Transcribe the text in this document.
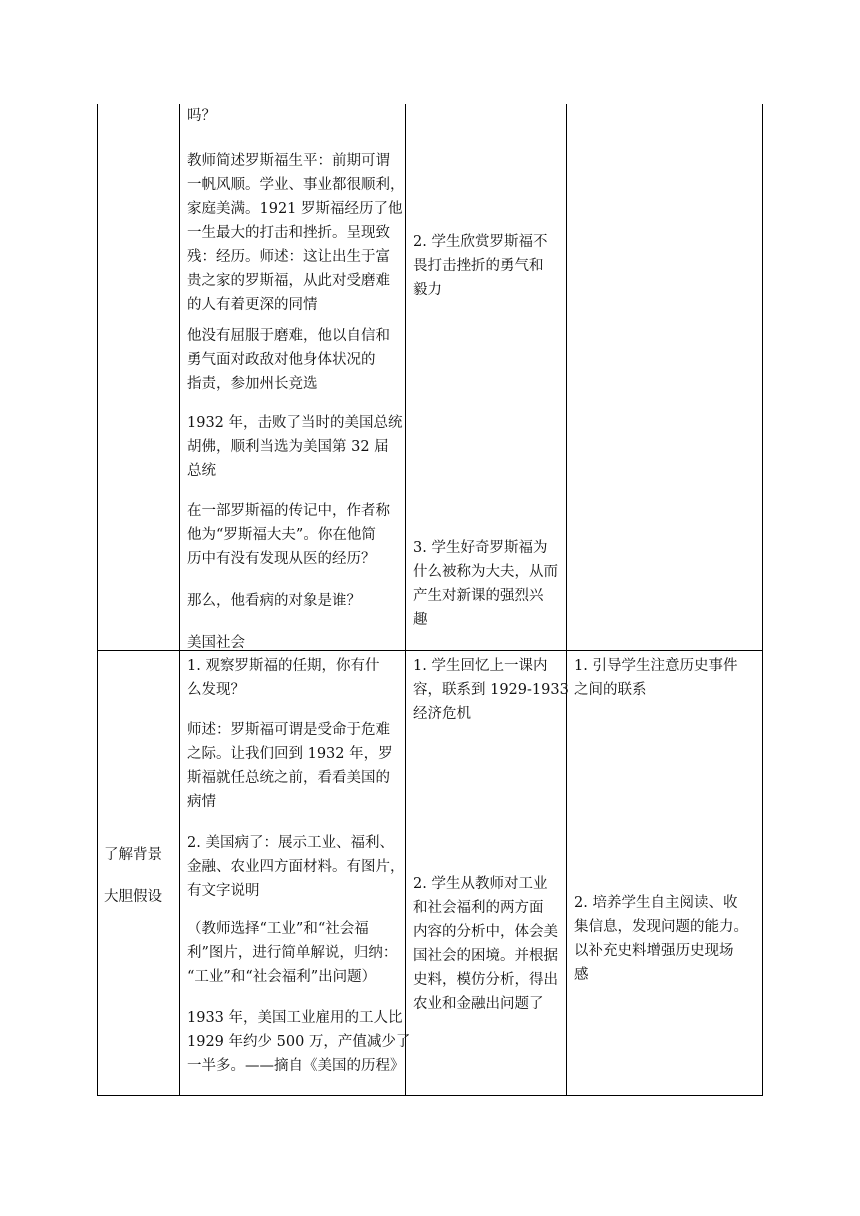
吗？
教师简述罗斯福生平：前期可谓
一帆风顺。学业、事业都很顺利，
家庭美满。1921 罗斯福经历了他
一生最大的打击和挫折。呈现致
残：经历。师述：这让出生于富
贵之家的罗斯福，从此对受磨难
的人有着更深的同情
他没有屈服于磨难，他以自信和
勇气面对政敌对他身体状况的
指责，参加州长竞选
1932 年，击败了当时的美国总统
胡佛，顺利当选为美国第 32 届
总统
在一部罗斯福的传记中，作者称
他为“罗斯福大夫”。你在他简
历中有没有发现从医的经历？
那么，他看病的对象是谁？
美国社会
2. 学生欣赏罗斯福不
畏打击挫折的勇气和
毅力
3. 学生好奇罗斯福为
什么被称为大夫，从而
产生对新课的强烈兴
趣
了解背景
大胆假设
1. 观察罗斯福的任期，你有什
么发现？
师述：罗斯福可谓是受命于危难
之际。让我们回到 1932 年，罗
斯福就任总统之前，看看美国的
病情
2. 美国病了：展示工业、福利、
金融、农业四方面材料。有图片，
有文字说明
（教师选择“工业”和“社会福
利”图片，进行简单解说，归纳：
“工业”和“社会福利”出问题）
1933 年，美国工业雇用的工人比
1929 年约少 500 万，产值减少了
一半多。——摘自《美国的历程》
1. 学生回忆上一课内
容，联系到 1929-1933
经济危机
2. 学生从教师对工业
和社会福利的两方面
内容的分析中，体会美
国社会的困境。并根据
史料，模仿分析，得出
农业和金融出问题了
1. 引导学生注意历史事件
之间的联系
2. 培养学生自主阅读、收
集信息，发现问题的能力。
以补充史料增强历史现场
感
